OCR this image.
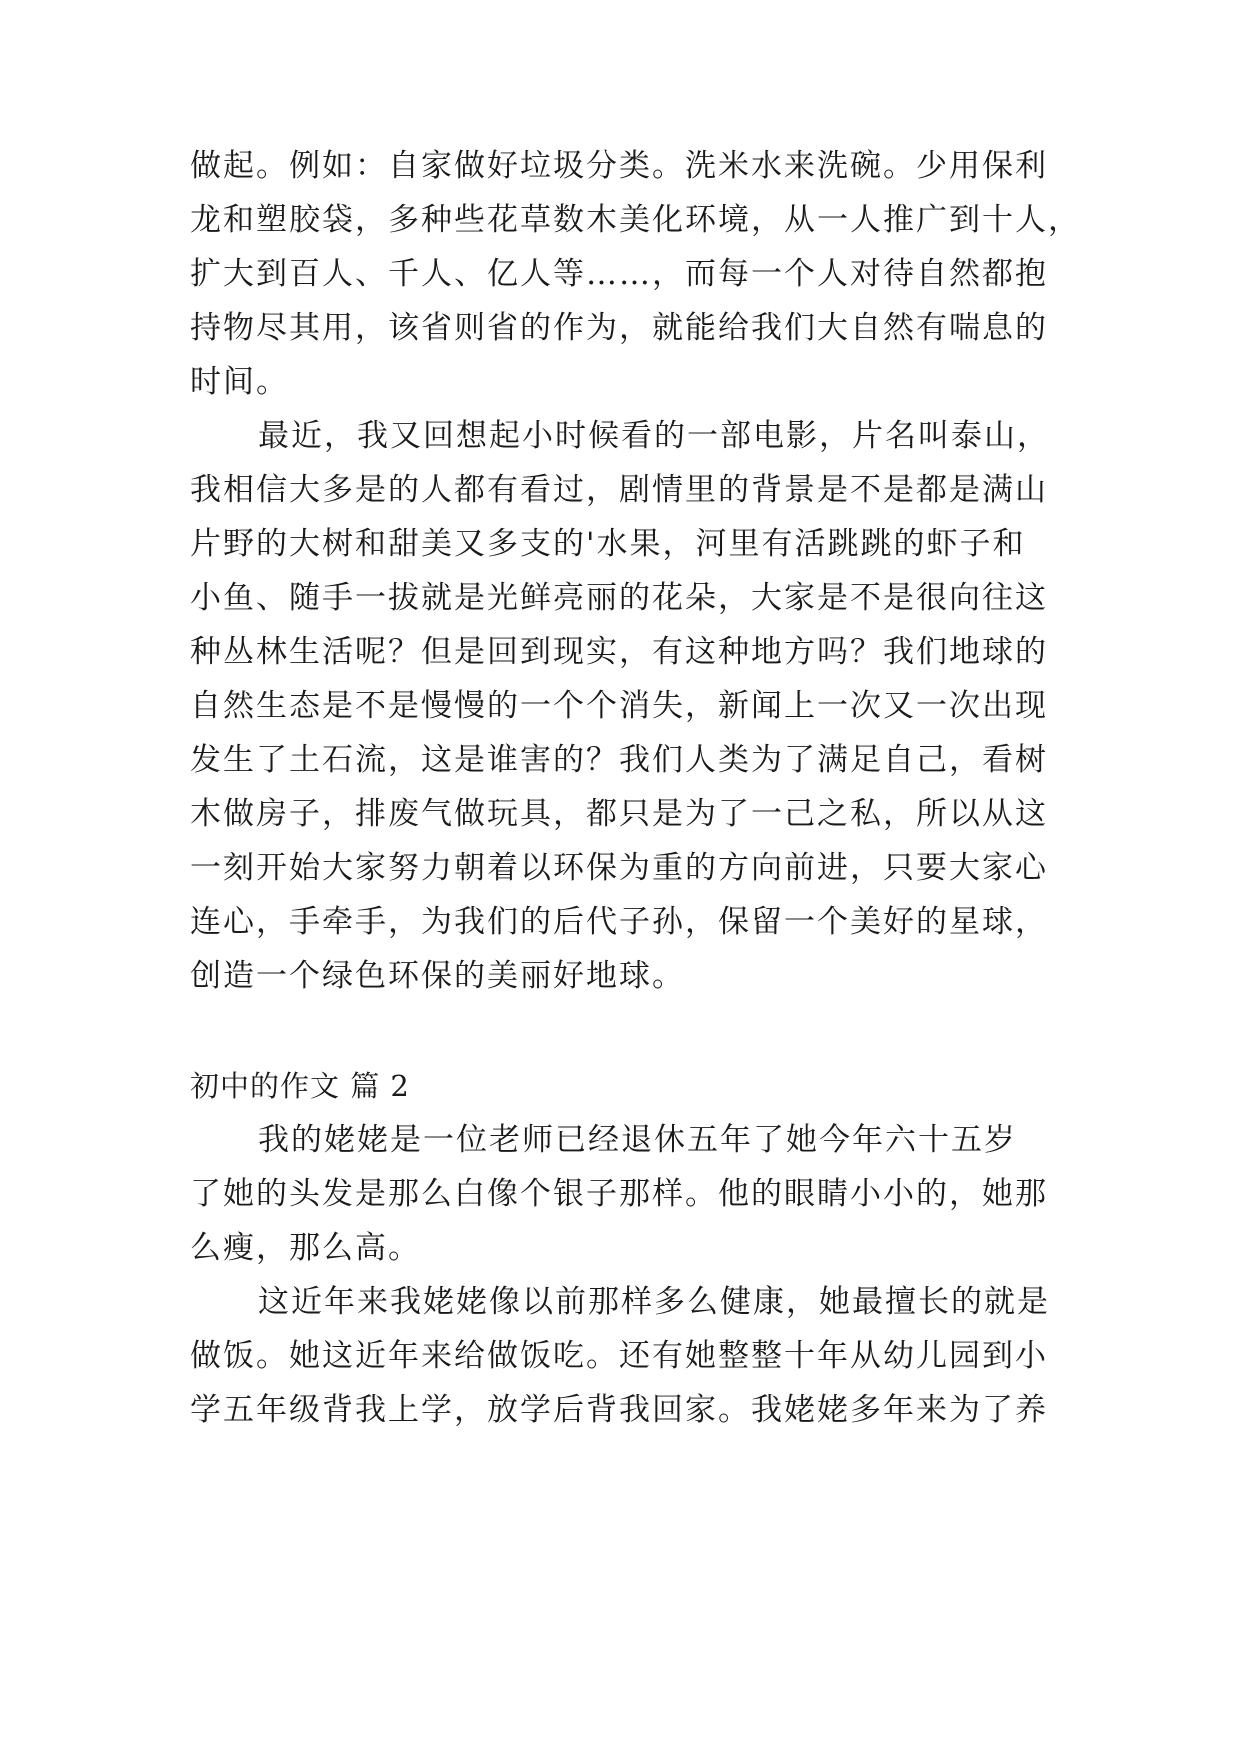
做起。例如：自家做好垃圾分类。洗米水来洗碗。少用保利
龙和塑胶袋，多种些花草数木美化环境，从一人推广到十人，
扩大到百人、千人、亿人等……，而每一个人对待自然都抱
持物尽其用，该省则省的作为，就能给我们大自然有喘息的
时间。
最近，我又回想起小时候看的一部电影，片名叫泰山，
我相信大多是的人都有看过，剧情里的背景是不是都是满山
片野的大树和甜美又多支的'水果，河里有活跳跳的虾子和
小鱼、随手一拔就是光鲜亮丽的花朵，大家是不是很向往这
种丛林生活呢？但是回到现实，有这种地方吗？我们地球的
自然生态是不是慢慢的一个个消失，新闻上一次又一次出现
发生了土石流，这是谁害的？我们人类为了满足自己，看树
木做房子，排废气做玩具，都只是为了一己之私，所以从这
一刻开始大家努力朝着以环保为重的方向前进，只要大家心
连心，手牵手，为我们的后代子孙，保留一个美好的星球，
创造一个绿色环保的美丽好地球。
初中的作文 篇 2
我的姥姥是一位老师已经退休五年了她今年六十五岁
了她的头发是那么白像个银子那样。他的眼睛小小的，她那
么瘦，那么高。
这近年来我姥姥像以前那样多么健康，她最擅长的就是
做饭。她这近年来给做饭吃。还有她整整十年从幼儿园到小
学五年级背我上学，放学后背我回家。我姥姥多年来为了养
